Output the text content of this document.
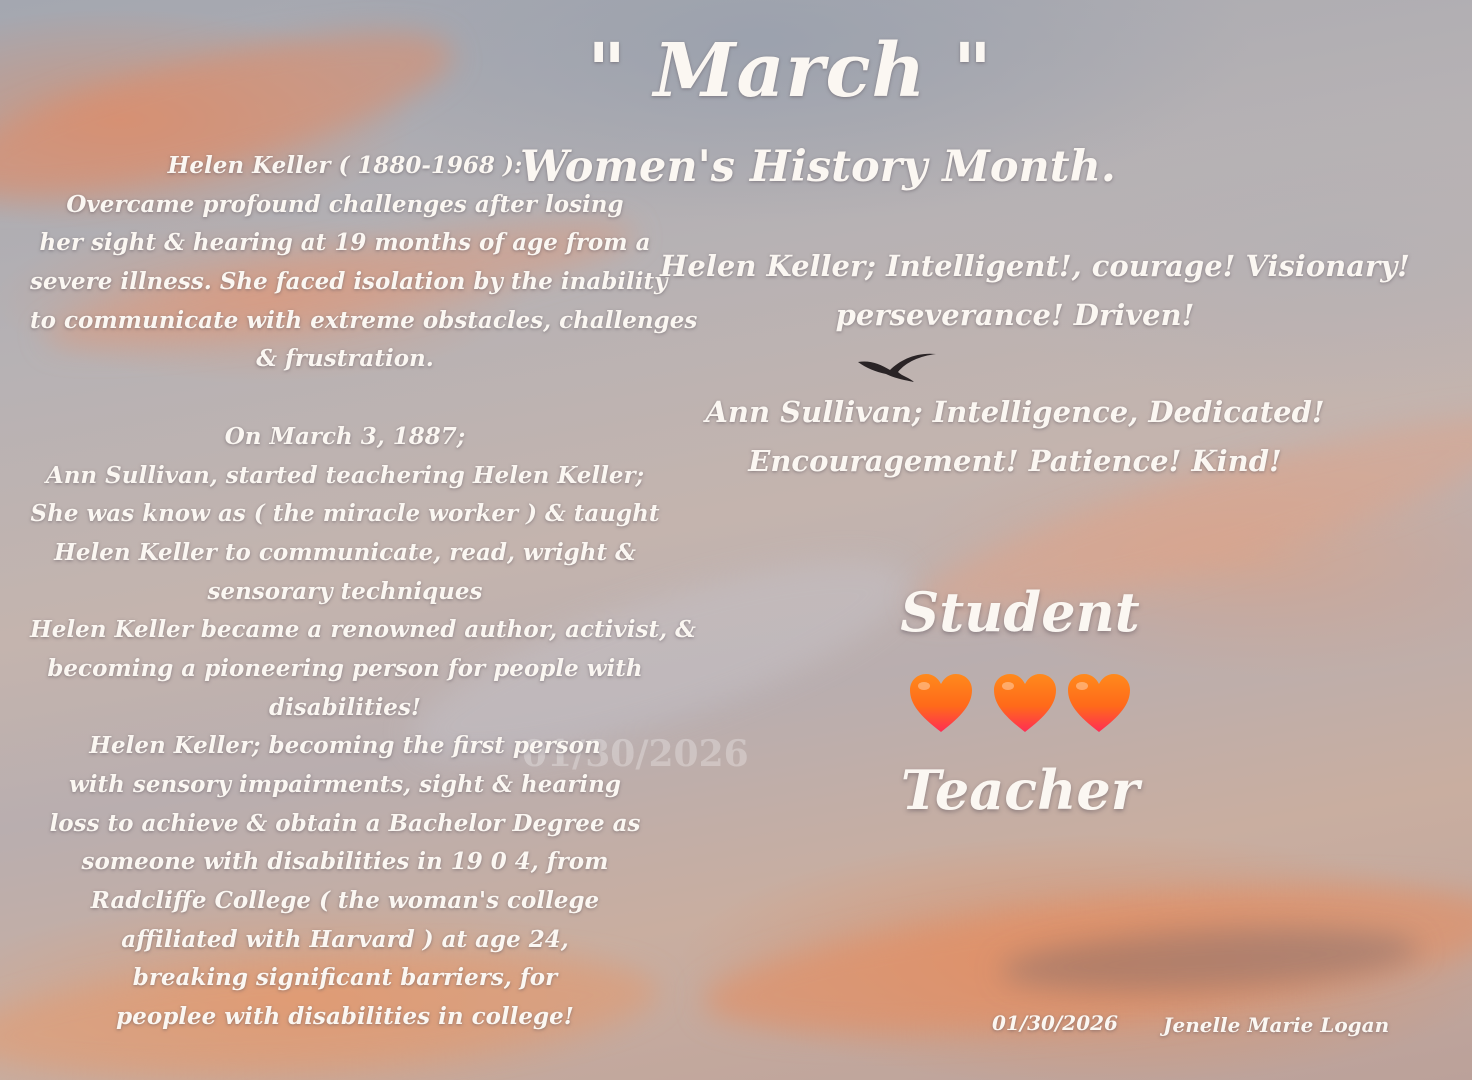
" March "
Women's History Month.
01/30/2026
Helen Keller ( 1880-1968 ):
Overcame profound challenges after losing
her sight & hearing at 19 months of age from a
severe illness. She faced isolation by the inability
to communicate with extreme obstacles, challenges
& frustration.
On March 3, 1887;
Ann Sullivan, started teachering Helen Keller;
She was know as ( the miracle worker ) & taught
Helen Keller to communicate, read, wright &
sensorary techniques
Helen Keller became a renowned author, activist, &
becoming a pioneering person for people with
disabilities!
Helen Keller; becoming the first person
with sensory impairments, sight & hearing
loss to achieve & obtain a Bachelor Degree as
someone with disabilities in 19 0 4, from
Radcliffe College ( the woman's college
affiliated with Harvard ) at age 24,
breaking significant barriers, for
peoplee with disabilities in college!
Helen Keller; Intelligent!, courage! Visionary!
perseverance! Driven!
Ann Sullivan; Intelligence, Dedicated!
Encouragement! Patience! Kind!
Student
Teacher
01/30/2026 Jenelle Marie Logan
